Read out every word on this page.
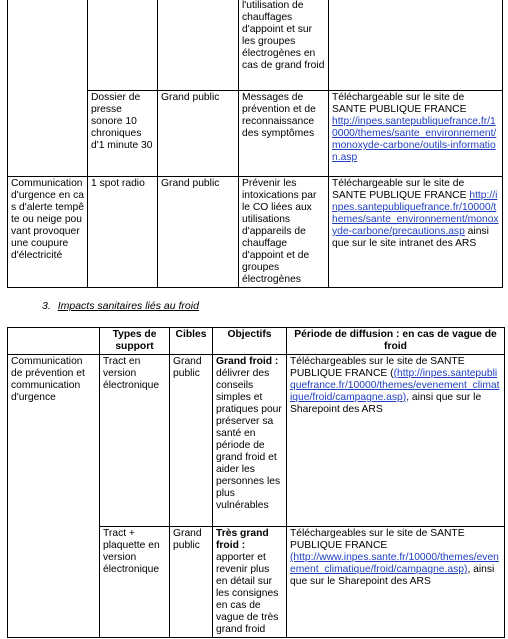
			l'utilisation de chauffages d'appoint et sur les groupes électrogènes en cas de grand froid	
	Dossier de presse sonore 10 chroniques d'1 minute 30	Grand public	Messages de prévention et de reconnaissance des symptômes	Téléchargeable sur le site de SANTE PUBLIQUE FRANCE
http://inpes.santepubliquefrance.fr/10000/themes/sante_environnement/monoxyde-carbone/outils-information.asp

Communication d'urgence en cas d'alerte tempête ou neige pouvant provoquer une coupure d'électricité	1 spot radio	Grand public	Prévenir les intoxications par le CO liées aux utilisations d'appareils de chauffage d'appoint et de groupes électrogènes	Téléchargeable sur le site de SANTE PUBLIQUE FRANCE http://inpes.santepubliquefrance.fr/10000/themes/sante_environnement/monoxyde-carbone/precautions.asp ainsi que sur le site intranet des ARS
3. Impacts sanitaires liés au froid
	Types de support	Cibles	Objectifs	Période de diffusion : en cas de vague de froid
Communication de prévention et communication d'urgence	Tract en version électronique	Grand public	Grand froid : délivrer des conseils simples et pratiques pour préserver sa santé en période de grand froid et aider les personnes les plus vulnérables	Téléchargeables sur le site de SANTE PUBLIQUE FRANCE ((http://inpes.santepubliquefrance.fr/10000/themes/evenement_climatique/froid/campagne.asp), ainsi que sur le Sharepoint des ARS
	Tract + plaquette en version électronique	Grand public	Très grand froid : apporter et revenir plus en détail sur les consignes en cas de vague de très grand froid	Téléchargeables sur le site de SANTE PUBLIQUE FRANCE
(http://www.inpes.sante.fr/10000/themes/evenement_climatique/froid/campagne.asp), ainsi que sur le Sharepoint des ARS
